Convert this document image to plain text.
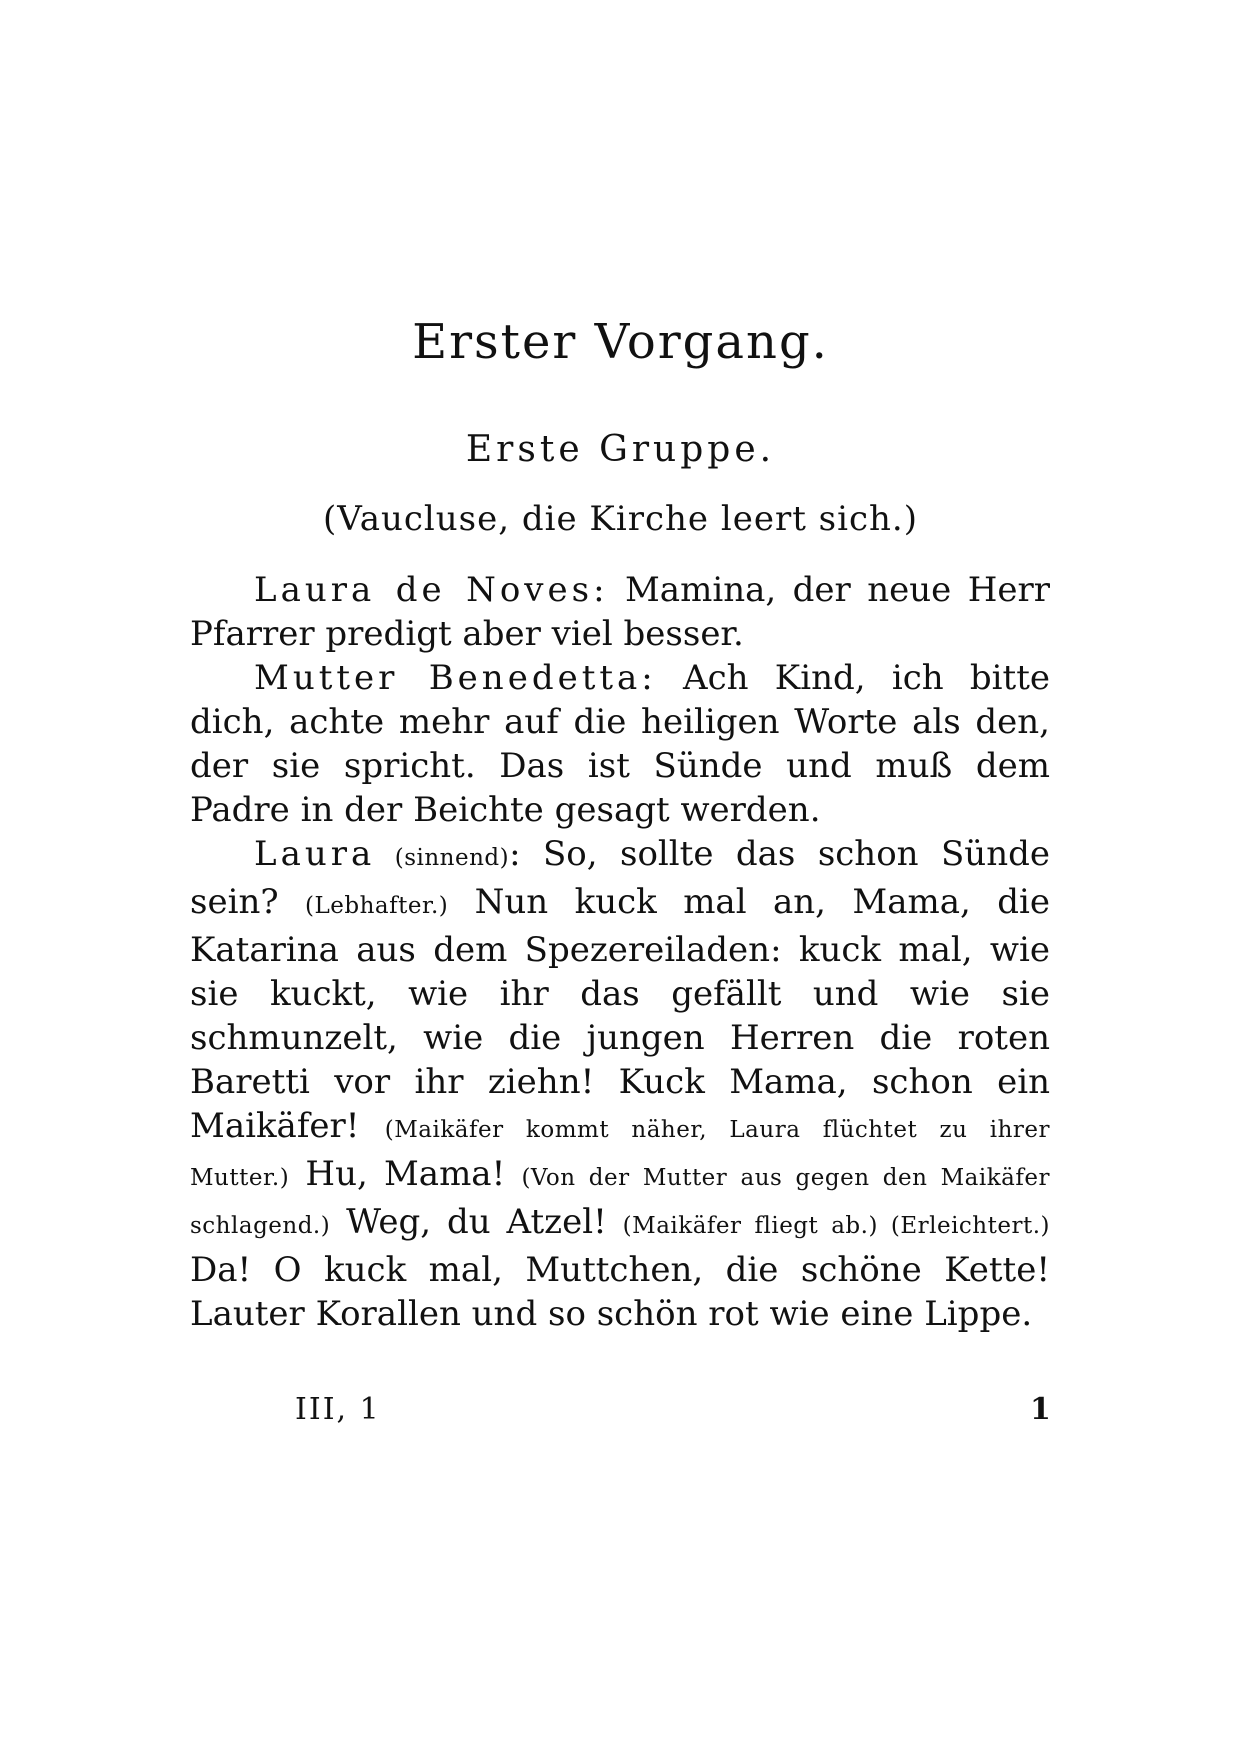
Erster Vorgang.
Erste Gruppe.
(Vaucluse, die Kirche leert sich.)

Laura de Noves: Mamina, der neue Herr Pfarrer predigt aber viel besser.

Mutter Benedetta: Ach Kind, ich bitte dich, achte mehr auf die heiligen Worte als den, der sie spricht. Das ist Sünde und muß dem Padre in der Beichte gesagt werden.

Laura (sinnend): So, sollte das schon Sünde sein? (Lebhafter.) Nun kuck mal an, Mama, die Katarina aus dem Spezereiladen: kuck mal, wie sie kuckt, wie ihr das gefällt und wie sie schmunzelt, wie die jungen Herren die roten Baretti vor ihr ziehn! Kuck Mama, schon ein Maikäfer! (Maikäfer kommt näher, Laura flüchtet zu ihrer Mutter.) Hu, Mama! (Von der Mutter aus gegen den Maikäfer schlagend.) Weg, du Atzel! (Maikäfer fliegt ab.) (Erleichtert.) Da! O kuck mal, Muttchen, die schöne Kette! Lauter Korallen und so schön rot wie eine Lippe.

III, 1	1
